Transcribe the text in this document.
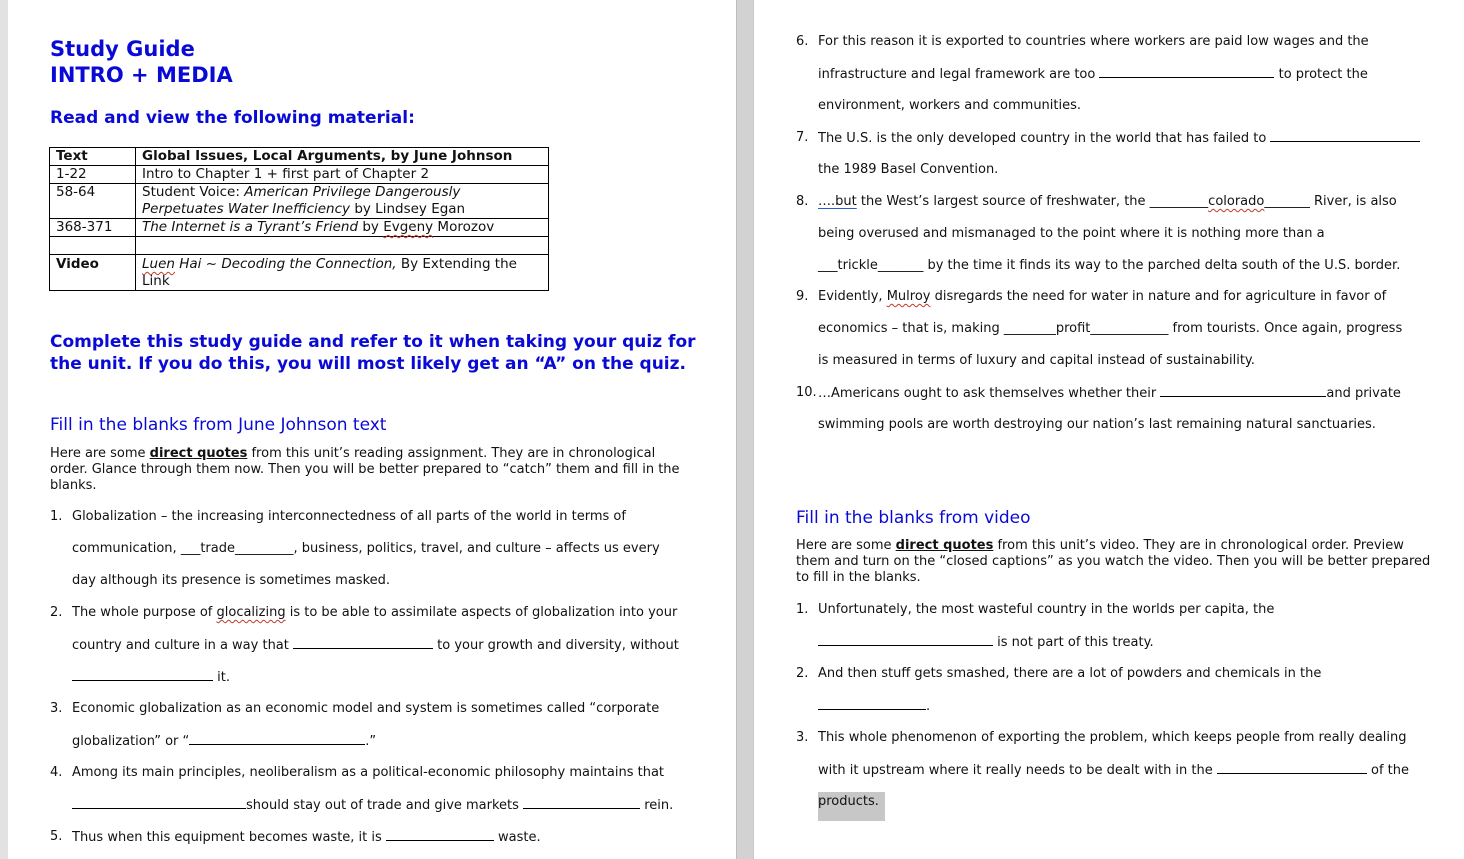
Study Guide
INTRO + MEDIA
Read and view the following material:
Text	Global Issues, Local Arguments, by June Johnson
1-22	Intro to Chapter 1 + first part of Chapter 2
58-64	Student Voice: American Privilege Dangerously
Perpetuates Water Inefficiency by Lindsey Egan
368-371	The Internet is a Tyrant’s Friend by Evgeny Morozov

Video	Luen Hai ~ Decoding the Connection, By Extending the
Link
Complete this study guide and refer to it when taking your quiz for
the unit. If you do this, you will most likely get an “A” on the quiz.
Fill in the blanks from June Johnson text
Here are some direct quotes from this unit’s reading assignment. They are in chronological
order. Glance through them now. Then you will be better prepared to “catch” them and fill in the
blanks.
1. Globalization – the increasing interconnectedness of all parts of the world in terms of
communication, ___trade_________, business, politics, travel, and culture – affects us every
day although its presence is sometimes masked.
2. The whole purpose of glocalizing is to be able to assimilate aspects of globalization into your
country and culture in a way that	to your growth and diversity, without
it.
3. Economic globalization as an economic model and system is sometimes called “corporate
globalization” or “	.”
4. Among its main principles, neoliberalism as a political-economic philosophy maintains that
should stay out of trade and give markets	rein.
5. Thus when this equipment becomes waste, it is	waste.
6. For this reason it is exported to countries where workers are paid low wages and the
infrastructure and legal framework are too	to protect the
environment, workers and communities.
7. The U.S. is the only developed country in the world that has failed to
the 1989 Basel Convention.
8. ….but the West’s largest source of freshwater, the _________colorado_______ River, is also
being overused and mismanaged to the point where it is nothing more than a
___trickle_______ by the time it finds its way to the parched delta south of the U.S. border.
9. Evidently, Mulroy disregards the need for water in nature and for agriculture in favor of
economics – that is, making ________profit____________ from tourists. Once again, progress
is measured in terms of luxury and capital instead of sustainability.
10. …Americans ought to ask themselves whether their	and private
swimming pools are worth destroying our nation’s last remaining natural sanctuaries.
Fill in the blanks from video
Here are some direct quotes from this unit’s video. They are in chronological order. Preview
them and turn on the “closed captions” as you watch the video. Then you will be better prepared
to fill in the blanks.
1. Unfortunately, the most wasteful country in the worlds per capita, the
is not part of this treaty.
2. And then stuff gets smashed, there are a lot of powders and chemicals in the
.
3. This whole phenomenon of exporting the problem, which keeps people from really dealing
with it upstream where it really needs to be dealt with in the	of the
products.
